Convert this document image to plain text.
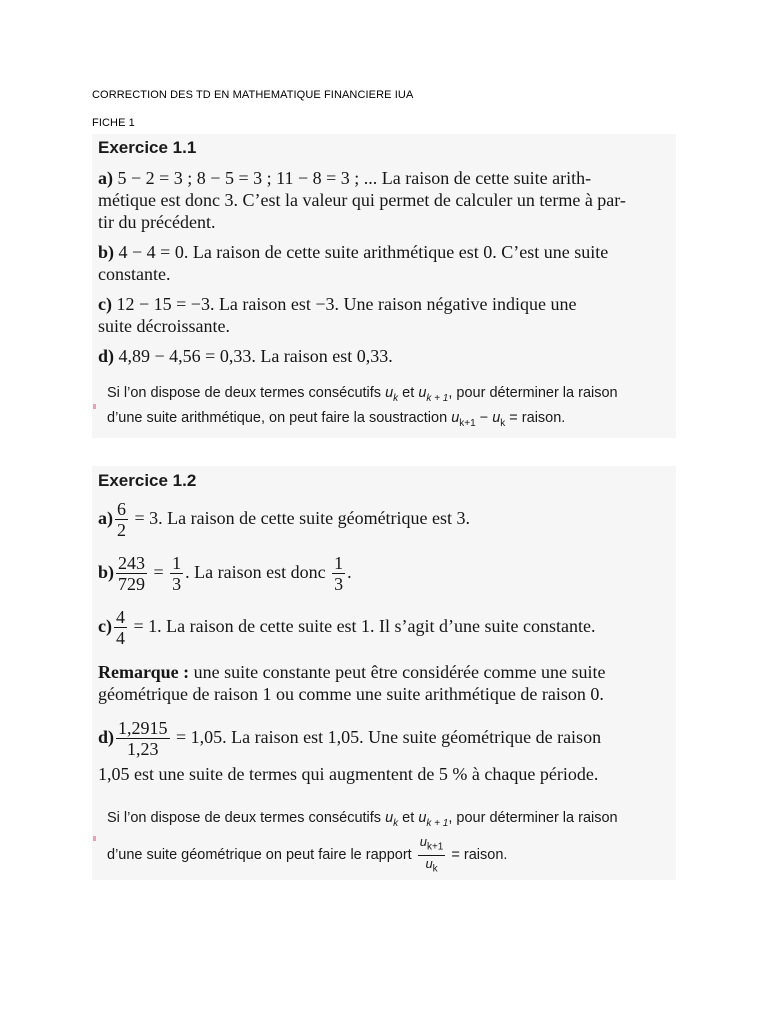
CORRECTION DES TD EN MATHEMATIQUE FINANCIERE IUA
FICHE 1
Exercice 1.1
a) 5 − 2 = 3 ; 8 − 5 = 3 ; 11 − 8 = 3 ; ... La raison de cette suite arith-
métique est donc 3. C’est la valeur qui permet de calculer un terme à par-
tir du précédent.
b) 4 − 4 = 0. La raison de cette suite arithmétique est 0. C’est une suite
constante.
c) 12 − 15 = −3. La raison est −3. Une raison négative indique une
suite décroissante.
d) 4,89 − 4,56 = 0,33. La raison est 0,33.
Si l’on dispose de deux termes consécutifs $u_k$ et $u_{k + 1}$, pour déterminer la raison
d’une suite arithmétique, on peut faire la soustraction $u_{k+1} - u_k$ = raison.
Exercice 1.2
$a) \frac{6}{2} = 3$. La raison de cette suite géométrique est 3.
$b) \frac{243}{729} = \frac{1}{3}$ . La raison est donc $\frac{1}{3}$ .
$c) \frac{4}{4} = 1$. La raison de cette suite est 1. Il s’agit d’une suite constante.
Remarque : une suite constante peut être considérée comme une suite
géométrique de raison 1 ou comme une suite arithmétique de raison 0.
$d) \frac{1,2915}{1,23} = 1,05$. La raison est 1,05. Une suite géométrique de raison
1,05 est une suite de termes qui augmentent de 5 % à chaque période.
Si l’on dispose de deux termes consécutifs $u_k$ et $u_{k + 1}$, pour déterminer la raison
d’une suite géométrique on peut faire le rapport $\frac{u_{k+1}}{u_k}$ = raison.
